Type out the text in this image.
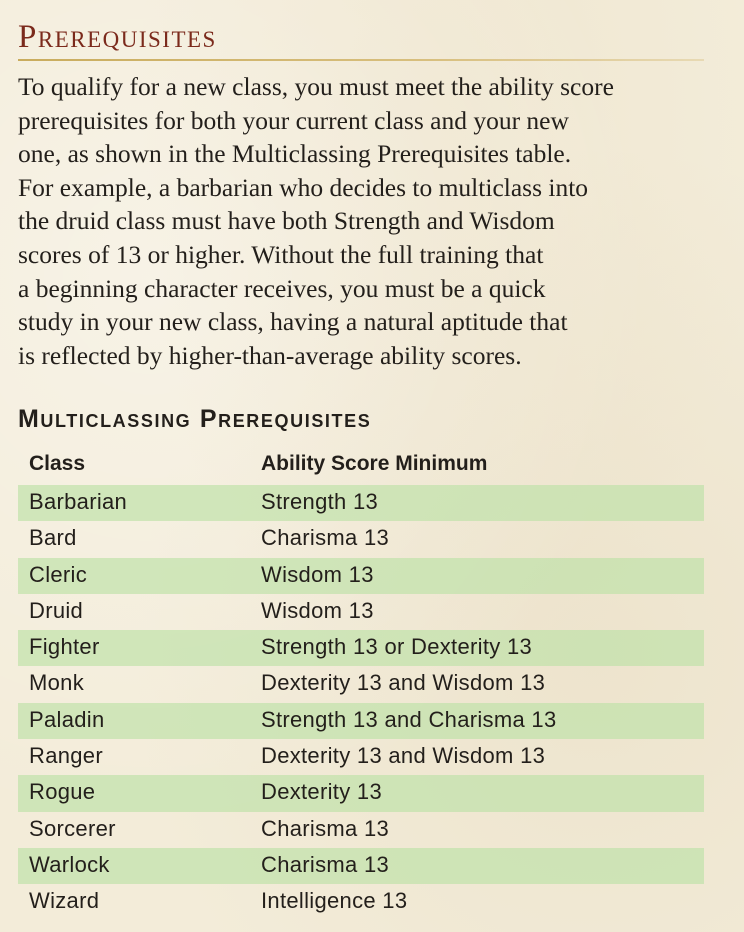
Prerequisites

To qualify for a new class, you must meet the ability score
prerequisites for both your current class and your new
one, as shown in the Multiclassing Prerequisites table.
For example, a barbarian who decides to multiclass into
the druid class must have both Strength and Wisdom
scores of 13 or higher. Without the full training that
a beginning character receives, you must be a quick
study in your new class, having a natural aptitude that
is reflected by higher-than-average ability scores.

Multiclassing Prerequisites
Class	Ability Score Minimum
Barbarian	Strength 13
Bard	Charisma 13
Cleric	Wisdom 13
Druid	Wisdom 13
Fighter	Strength 13 or Dexterity 13
Monk	Dexterity 13 and Wisdom 13
Paladin	Strength 13 and Charisma 13
Ranger	Dexterity 13 and Wisdom 13
Rogue	Dexterity 13
Sorcerer	Charisma 13
Warlock	Charisma 13
Wizard	Intelligence 13
